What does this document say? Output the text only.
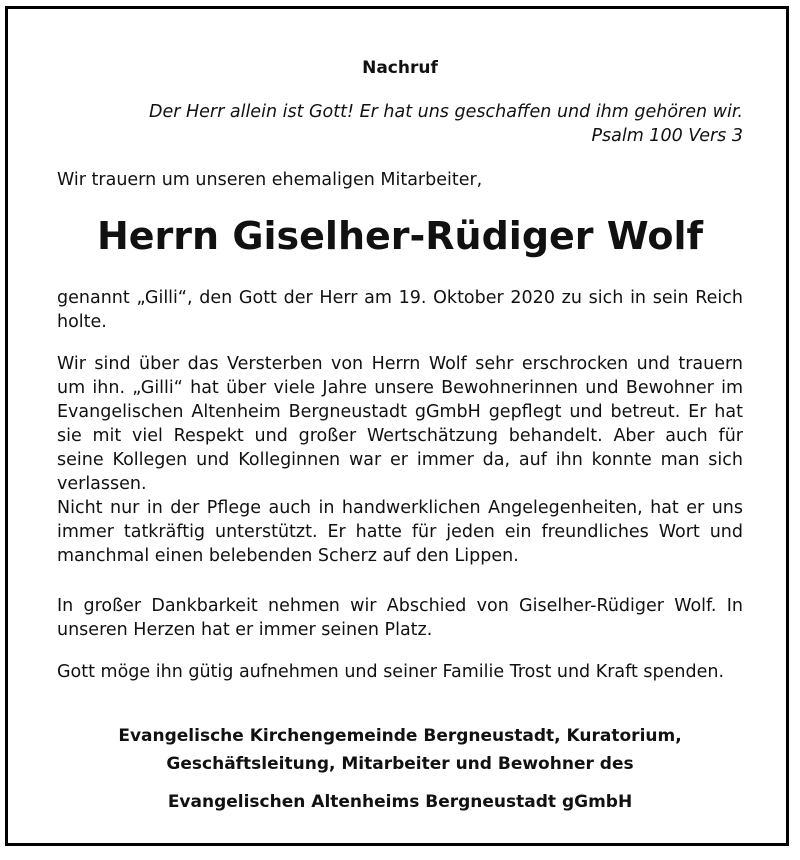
Nachruf
Der Herr allein ist Gott! Er hat uns geschaffen und ihm gehören wir.
Psalm 100 Vers 3
Wir trauern um unseren ehemaligen Mitarbeiter,
Herrn Giselher-Rüdiger Wolf
genannt „Gilli“, den Gott der Herr am 19. Oktober 2020 zu sich in sein Reich holte.
Wir sind über das Versterben von Herrn Wolf sehr erschrocken und trauern um ihn. „Gilli“ hat über viele Jahre unsere Bewohnerinnen und Bewohner im Evangelischen Altenheim Bergneustadt gGmbH gepflegt und betreut. Er hat sie mit viel Respekt und großer Wertschätzung behandelt. Aber auch für seine Kollegen und Kolleginnen war er immer da, auf ihn konnte man sich verlassen.
Nicht nur in der Pflege auch in handwerklichen Angelegenheiten, hat er uns immer tatkräftig unterstützt. Er hatte für jeden ein freundliches Wort und manchmal einen belebenden Scherz auf den Lippen.
In großer Dankbarkeit nehmen wir Abschied von Giselher-Rüdiger Wolf. In unseren Herzen hat er immer seinen Platz.
Gott möge ihn gütig aufnehmen und seiner Familie Trost und Kraft spenden.
Evangelische Kirchengemeinde Bergneustadt, Kuratorium,
Geschäftsleitung, Mitarbeiter und Bewohner des
Evangelischen Altenheims Bergneustadt gGmbH
